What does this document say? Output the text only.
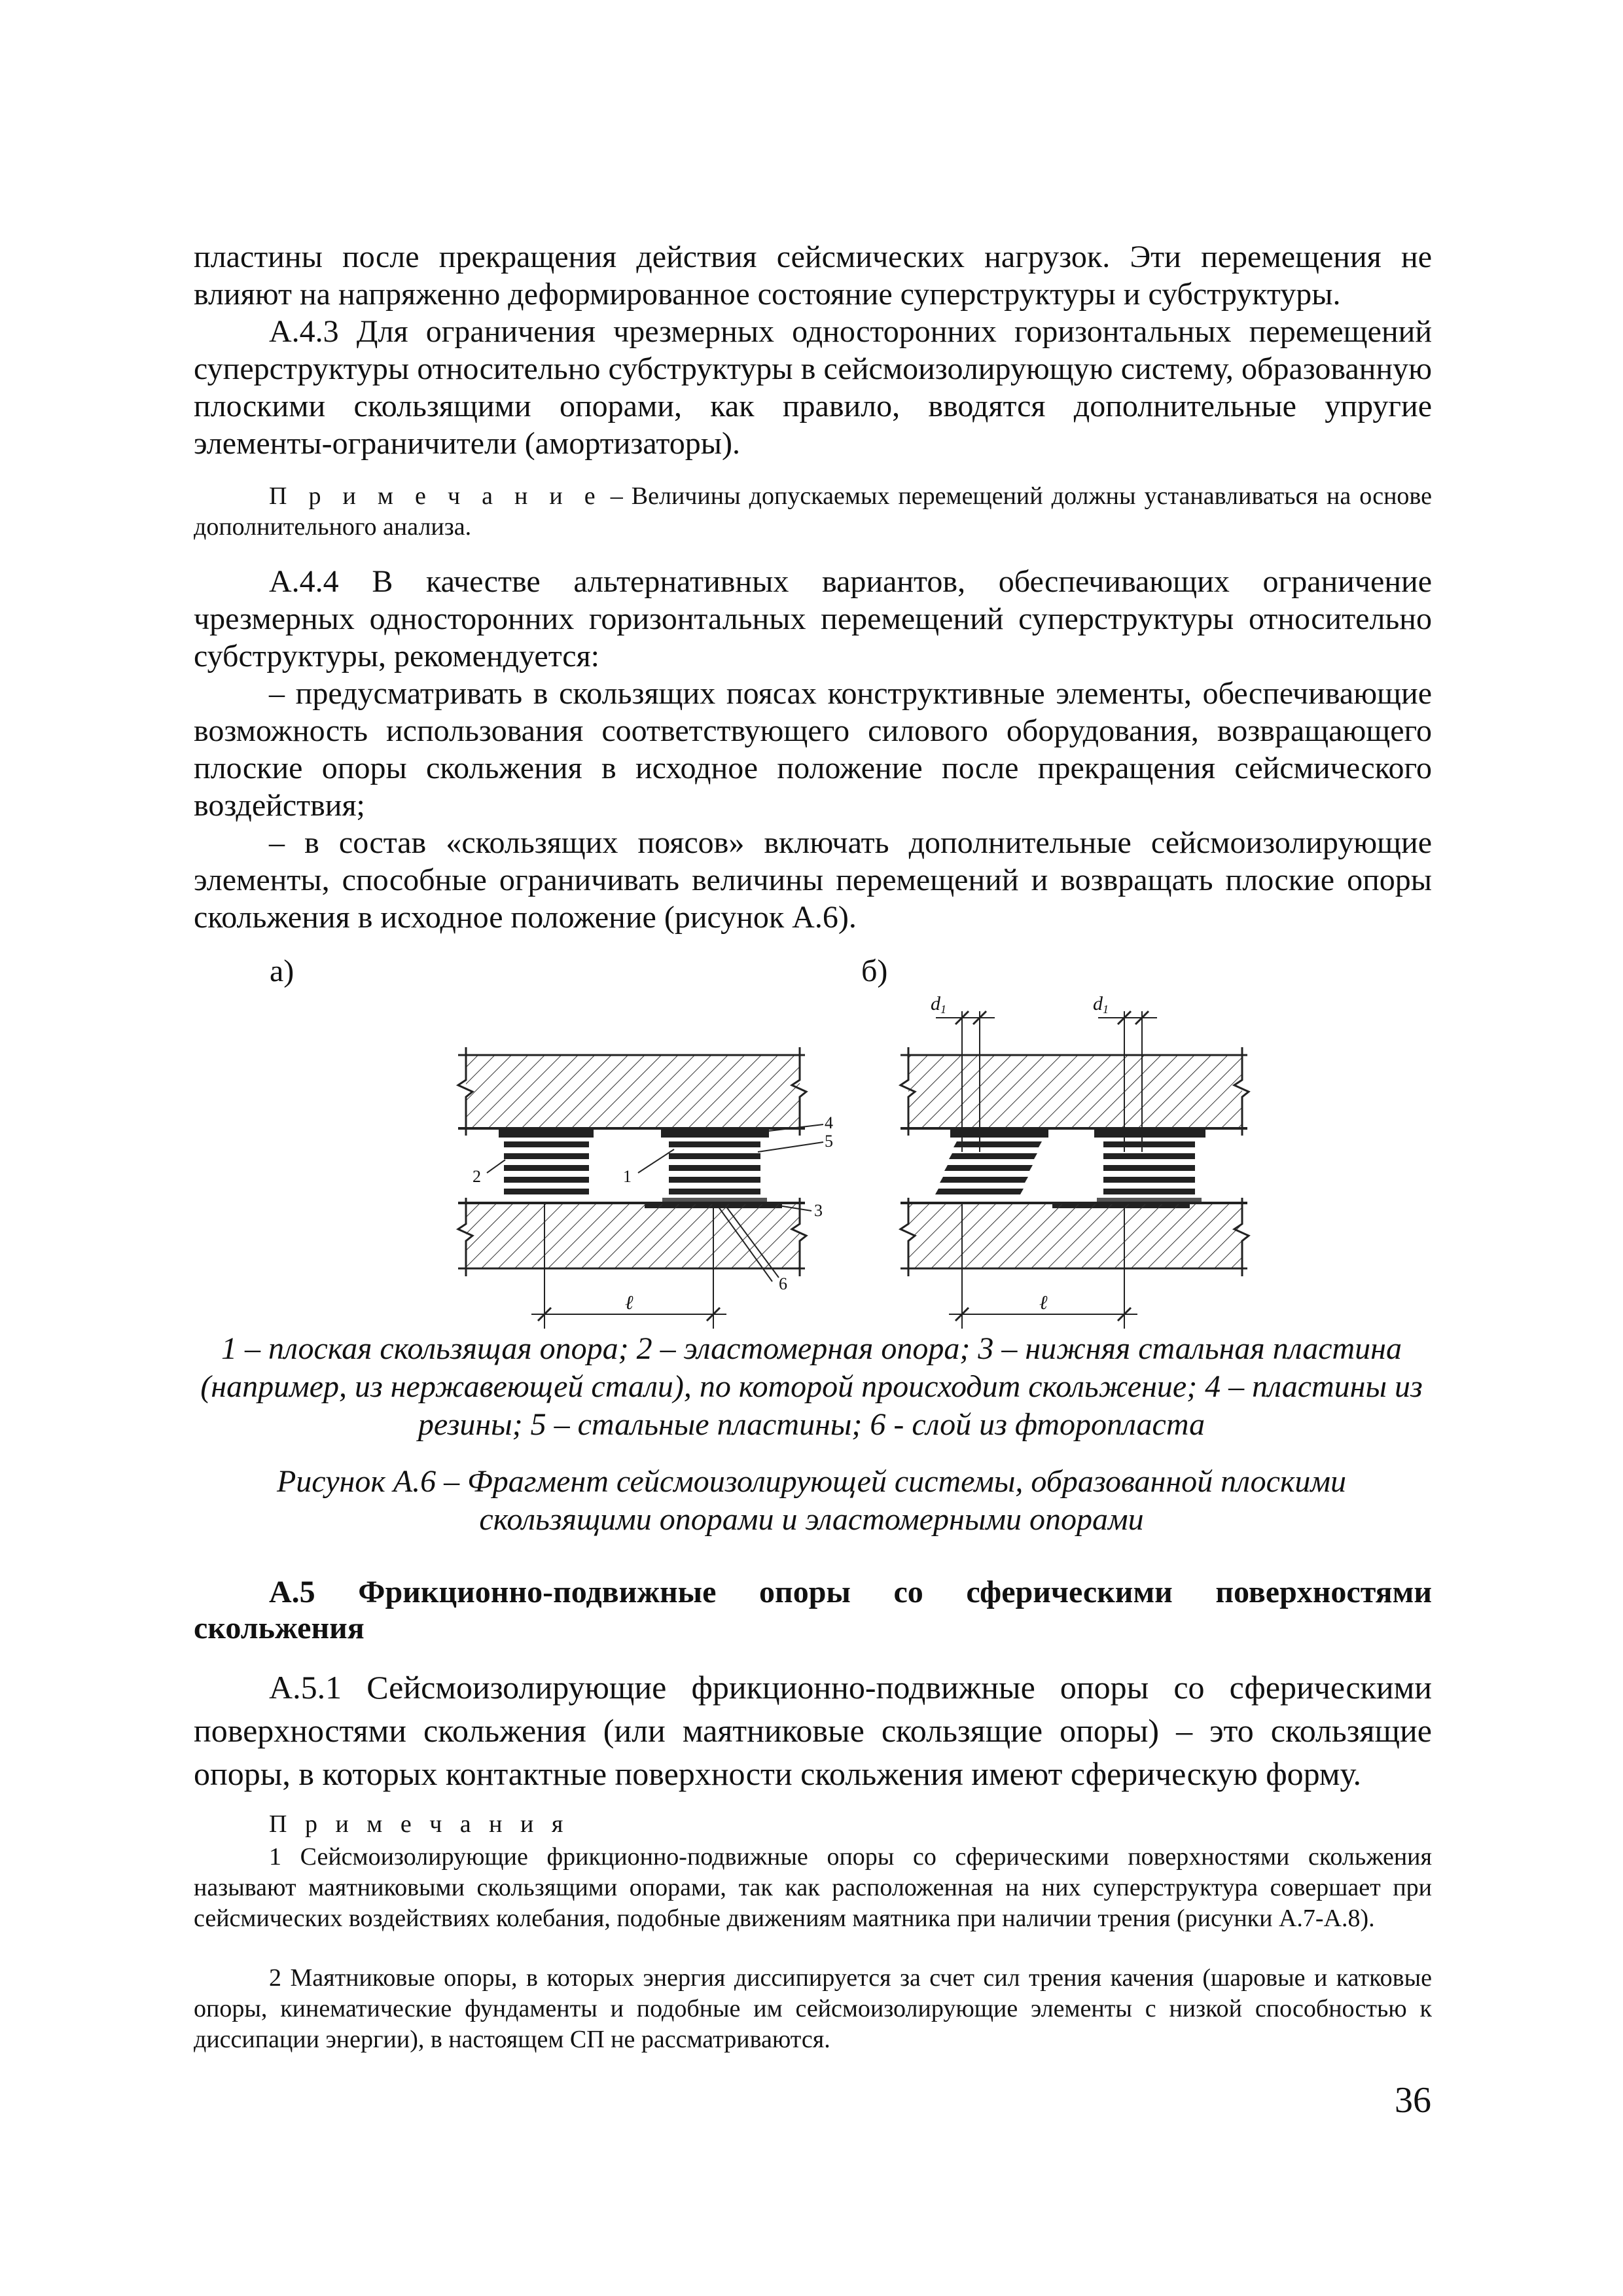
пластины после прекращения действия сейсмических нагрузок. Эти перемещения не влияют на напряженно деформированное состояние суперструктуры и субструктуры.
А.4.3 Для ограничения чрезмерных односторонних горизонтальных перемещений суперструктуры относительно субструктуры в сейсмоизолирующую систему, образованную плоскими скользящими опорами, как правило, вводятся дополнительные упругие элементы-ограничители (амортизаторы).
П р и м е ч а н и е – Величины допускаемых перемещений должны устанавливаться на основе дополнительного анализа.
А.4.4 В качестве альтернативных вариантов, обеспечивающих ограничение чрезмерных односторонних горизонтальных перемещений суперструктуры относительно субструктуры, рекомендуется:
– предусматривать в скользящих поясах конструктивные элементы, обеспечивающие возможность использования соответствующего силового оборудования, возвращающего плоские опоры скольжения в исходное положение после прекращения сейсмического воздействия;
– в состав «скользящих поясов» включать дополнительные сейсмоизолирующие элементы, способные ограничивать величины перемещений и возвращать плоские опоры скольжения в исходное положение (рисунок А.6).
а)	б)
2	1
4
5
3
6
ℓ	ℓ
d1	d1
1 – плоская скользящая опора; 2 – эластомерная опора; 3 – нижняя стальная пластина (например, из нержавеющей стали), по которой происходит скольжение; 4 – пластины из резины; 5 – стальные пластины; 6 - слой из фторопласта
Рисунок А.6 – Фрагмент сейсмоизолирующей системы, образованной плоскими скользящими опорами и эластомерными опорами
А.5 Фрикционно-подвижные опоры со сферическими поверхностями скольжения
А.5.1 Сейсмоизолирующие фрикционно-подвижные опоры со сферическими поверхностями скольжения (или маятниковые скользящие опоры) – это скользящие опоры, в которых контактные поверхности скольжения имеют сферическую форму.
П р и м е ч а н и я
1 Сейсмоизолирующие фрикционно-подвижные опоры со сферическими поверхностями скольжения называют маятниковыми скользящими опорами, так как расположенная на них суперструктура совершает при сейсмических воздействиях колебания, подобные движениям маятника при наличии трения (рисунки А.7-А.8).
2 Маятниковые опоры, в которых энергия диссипируется за счет сил трения качения (шаровые и катковые опоры, кинематические фундаменты и подобные им сейсмоизолирующие элементы с низкой способностью к диссипации энергии), в настоящем СП не рассматриваются.
36
